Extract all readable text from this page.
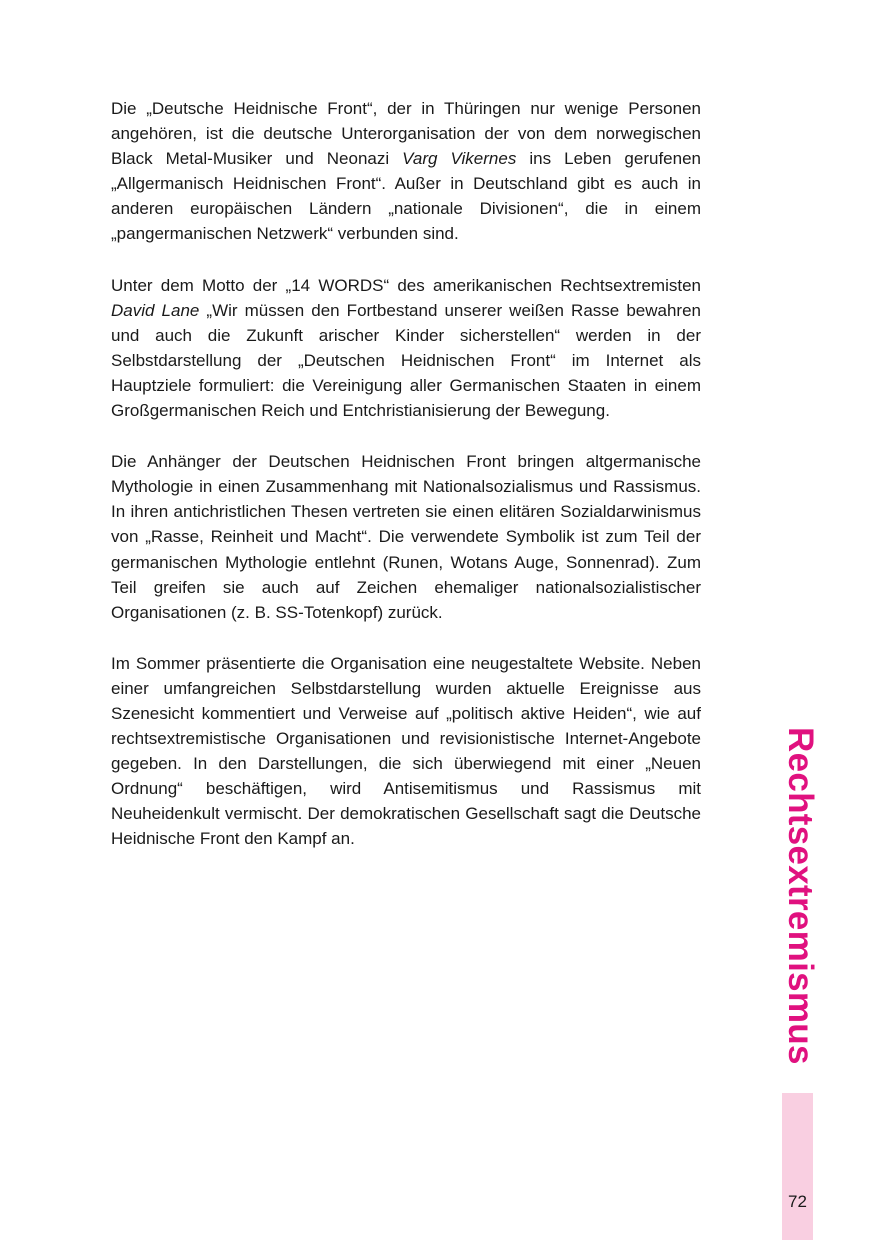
Die „Deutsche Heidnische Front“, der in Thüringen nur wenige Personen angehören, ist die deutsche Unterorganisation der von dem norwegischen Black Metal-Musiker und Neonazi Varg Vikernes ins Leben gerufenen „Allgermanisch Heidnischen Front“. Außer in Deutschland gibt es auch in anderen europäischen Ländern „nationale Divisionen“, die in einem „pangermanischen Netzwerk“ verbunden sind.

Unter dem Motto der „14 WORDS“ des amerikanischen Rechtsextremisten David Lane „Wir müssen den Fortbestand unserer weißen Rasse bewahren und auch die Zukunft arischer Kinder sicherstellen“ werden in der Selbstdarstellung der „Deutschen Heidnischen Front“ im Internet als Hauptziele formuliert: die Vereinigung aller Germanischen Staaten in einem Großgermanischen Reich und Entchristianisierung der Bewegung.

Die Anhänger der Deutschen Heidnischen Front bringen altgermanische Mythologie in einen Zusammenhang mit Nationalsozialismus und Rassismus. In ihren antichristlichen Thesen vertreten sie einen elitären Sozialdarwinismus von „Rasse, Reinheit und Macht“. Die verwendete Symbolik ist zum Teil der germanischen Mythologie entlehnt (Runen, Wotans Auge, Sonnenrad). Zum Teil greifen sie auch auf Zeichen ehemaliger nationalsozialistischer Organisationen (z. B. SS-Totenkopf) zurück.

Im Sommer präsentierte die Organisation eine neugestaltete Website. Neben einer umfangreichen Selbstdarstellung wurden aktuelle Ereignisse aus Szenesicht kommentiert und Verweise auf „politisch aktive Heiden“, wie auf rechtsextremistische Organisationen und revisionistische Internet-Angebote gegeben. In den Darstellungen, die sich überwiegend mit einer „Neuen Ordnung“ beschäftigen, wird Antisemitismus und Rassismus mit Neuheidenkult vermischt. Der demokratischen Gesellschaft sagt die Deutsche Heidnische Front den Kampf an.	Rechtsextremismus
72
